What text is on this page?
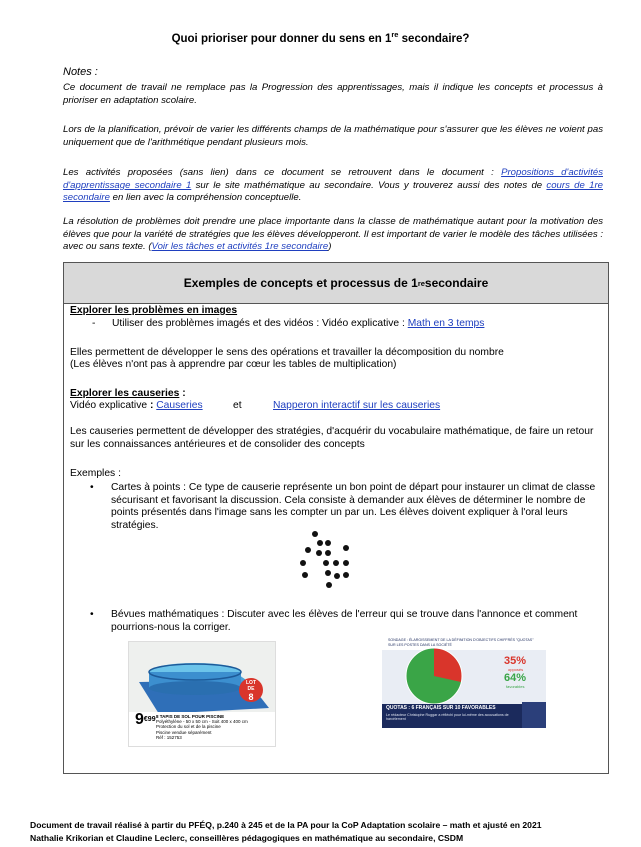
Quoi prioriser pour donner du sens en 1re secondaire?
Notes :
Ce document de travail ne remplace pas la Progression des apprentissages, mais il indique les concepts et processus à prioriser en adaptation scolaire.
Lors de la planification, prévoir de varier les différents champs de la mathématique pour s'assurer que les élèves ne voient pas uniquement que de l'arithmétique pendant plusieurs mois.
Les activités proposées (sans lien) dans ce document se retrouvent dans le document : Propositions d'activités d'apprentissage secondaire 1 sur le site mathématique au secondaire. Vous y trouverez aussi des notes de cours de 1re secondaire en lien avec la compréhension conceptuelle.
La résolution de problèmes doit prendre une place importante dans la classe de mathématique autant pour la motivation des élèves que pour la variété de stratégies que les élèves développeront. Il est important de varier le modèle des tâches utilisées : avec ou sans texte. (Voir les tâches et activités 1re secondaire)
Exemples de concepts et processus de 1 re secondaire
Explorer les problèmes en images
- Utiliser des problèmes imagés et des vidéos : Vidéo explicative : Math en 3 temps
Elles permettent de développer le sens des opérations et travailler la décomposition du nombre
(Les élèves n'ont pas à apprendre par cœur les tables de multiplication)
Explorer les causeries :
Vidéo explicative : Causeries	et	Napperon interactif sur les causeries
Les causeries permettent de développer des stratégies, d'acquérir du vocabulaire mathématique, de faire un retour sur les connaissances antérieures et de consolider des concepts
Exemples :
• Cartes à points : Ce type de causerie représente un bon point de départ pour instaurer un climat de classe sécurisant et favorisant la discussion. Cela consiste à demander aux élèves de déterminer le nombre de points présentés dans l'image sans les compter un par un. Les élèves doivent expliquer à l'oral leurs stratégies.
• Bévues mathématiques : Discuter avec les élèves de l'erreur qui se trouve dans l'annonce et comment pourrions-nous la corriger.
LOT DE
8
$9^{€99}$ 8 TAPIS DE SOL POUR PISCINE
Polyéthylène - 50 x 50 cm - Soit 400 x 400 cm
Protection du sol et de la piscine
Piscine vendue séparément
Réf : 152753
SONDAGE : ÉLARGISSEMENT DE LA DÉFINITION D'OBJECTIFS CHIFFRÉS "QUOTAS" SUR LES POSTES DANS LA SOCIÉTÉ
35%
opposés
64%
favorables
QUOTAS : 6 FRANÇAIS SUR 10 FAVORABLES
Le rédacteur Christophe Ruggar a réfléchi pour lui-même des accusations de harcèlement
Document de travail réalisé à partir du PFÉQ, p.240 à 245 et de la PA pour la CoP Adaptation scolaire – math et ajusté en 2021
Nathalie Krikorian et Claudine Leclerc, conseillères pédagogiques en mathématique au secondaire, CSDM
